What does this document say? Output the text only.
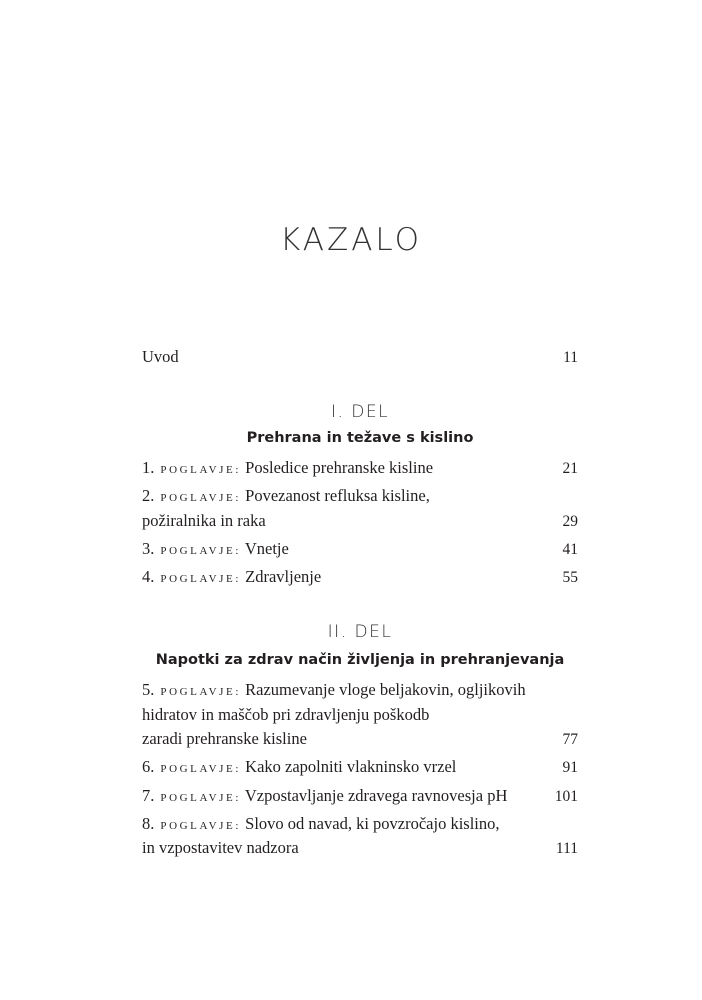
KAZALO
Uvod	11
I. DEL
Prehrana in težave s kislino
1. POGLAVJE: Posledice prehranske kisline	21
2. POGLAVJE: Povezanost refluksa kisline,
požiralnika in raka	29
3. POGLAVJE: Vnetje	41
4. POGLAVJE: Zdravljenje	55
II. DEL
Napotki za zdrav način življenja in prehranjevanja
5. POGLAVJE: Razumevanje vloge beljakovin, ogljikovih
hidratov in maščob pri zdravljenju poškodb
zaradi prehranske kisline	77
6. POGLAVJE: Kako zapolniti vlakninsko vrzel	91
7. POGLAVJE: Vzpostavljanje zdravega ravnovesja pH	101
8. POGLAVJE: Slovo od navad, ki povzročajo kislino,
in vzpostavitev nadzora	111
